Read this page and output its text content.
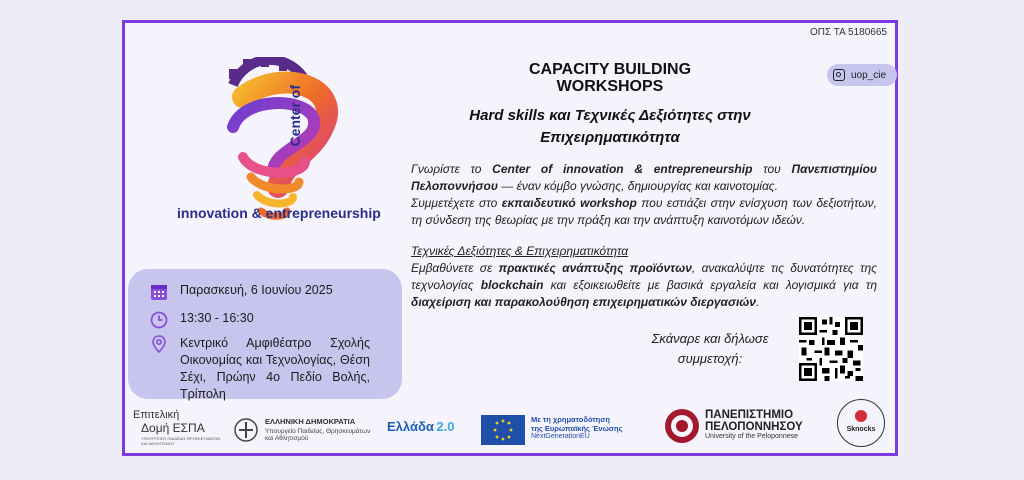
ΟΠΣ ΤΑ 5180665
uop_cie
Center of
innovation & entrepreneurship
Παρασκευή, 6 Ιουνίου 2025
13:30 - 16:30
Κεντρικό Αμφιθέατρο Σχολής Οικονομίας και Τεχνολογίας, Θέση Σέχι, Πρώην 4ο Πεδίο Βολής, Τρίπολη
CAPACITY BUILDING WORKSHOPS
Hard skills και Τεχνικές Δεξιότητες στην Επιχειρηματικότητα
Γνωρίστε το Center of innovation & entrepreneurship του Πανεπιστημίου Πελοποννήσου — έναν κόμβο γνώσης, δημιουργίας και καινοτομίας.
Συμμετέχετε στο εκπαιδευτικό workshop που εστιάζει στην ενίσχυση των δεξιοτήτων, τη σύνδεση της θεωρίας με την πράξη και την ανάπτυξη καινοτόμων ιδεών.
Τεχνικές Δεξιότητες & Επιχειρηματικότητα
Εμβαθύνετε σε πρακτικές ανάπτυξης προϊόντων, ανακαλύψτε τις δυνατότητες της τεχνολογίας blockchain και εξοικειωθείτε με βασικά εργαλεία και λογισμικά για τη διαχείριση και παρακολούθηση επιχειρηματικών διεργασιών.
Σκάναρε και δήλωσε συμμετοχή:
Επιτελική
Δομή ΕΣΠΑ
ΥΠΟΥΡΓΕΙΟΥ ΠΑΙΔΕΙΑΣ ΘΡΗΣΚΕΥΜΑΤΩΝ ΚΑΙ ΑΘΛΗΤΙΣΜΟΥ
ΕΛΛΗΝΙΚΗ ΔΗΜΟΚΡΑΤΙΑ
Υπουργείο Παιδείας, Θρησκευμάτων
και Αθλητισμού
Ελλάδα 2.0	Με τη χρηματοδότηση
της Ευρωπαϊκής Ένωσης
NextGenerationEU
ΠΑΝΕΠΙΣΤΗΜΙΟ
ΠΕΛΟΠΟΝΝΗΣΟΥ
University of the Peloponnese
Sknocks
